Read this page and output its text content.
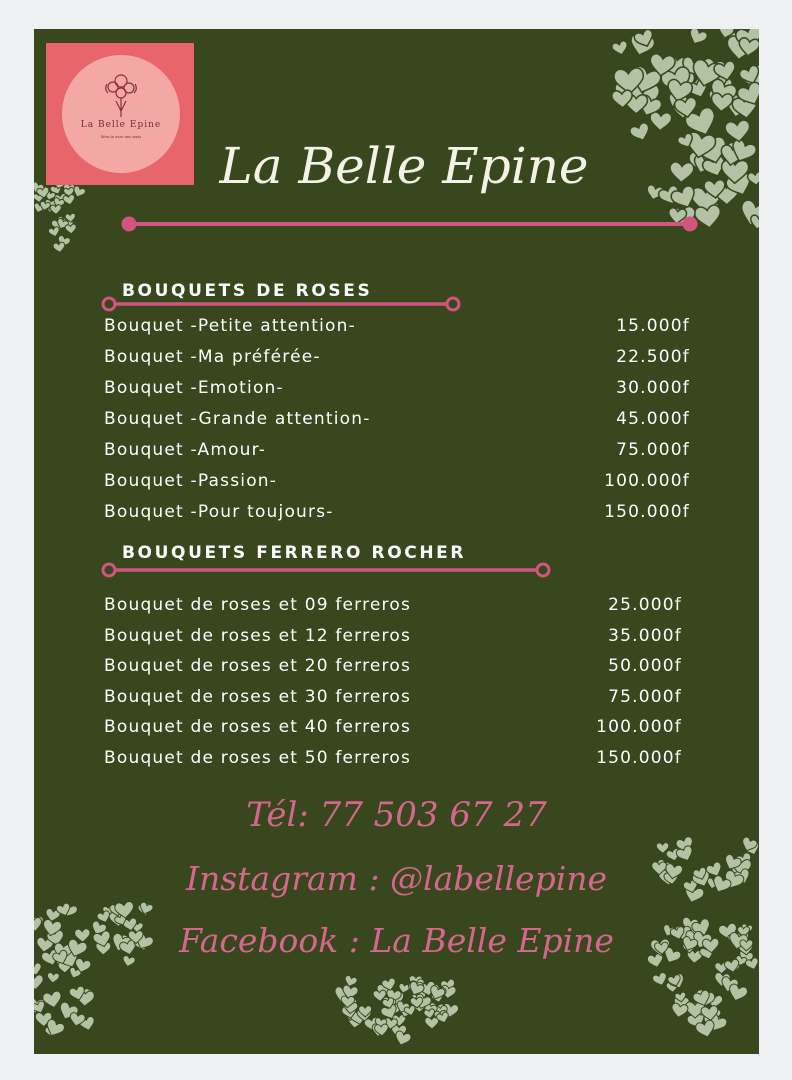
La Belle Epine
Dites-le avec des roses	La Belle Epine
BOUQUETS DE ROSES
Bouquet -Petite attention-	15.000f
Bouquet -Ma préférée-	22.500f
Bouquet -Emotion-	30.000f
Bouquet -Grande attention-	45.000f
Bouquet -Amour-	75.000f
Bouquet -Passion-	100.000f
Bouquet -Pour toujours-	150.000f
BOUQUETS FERRERO ROCHER
Bouquet de roses et 09 ferreros	25.000f
Bouquet de roses et 12 ferreros	35.000f
Bouquet de roses et 20 ferreros	50.000f
Bouquet de roses et 30 ferreros	75.000f
Bouquet de roses et 40 ferreros	100.000f
Bouquet de roses et 50 ferreros	150.000f
Tél: 77 503 67 27
Instagram : @labellepine
Facebook : La Belle Epine
